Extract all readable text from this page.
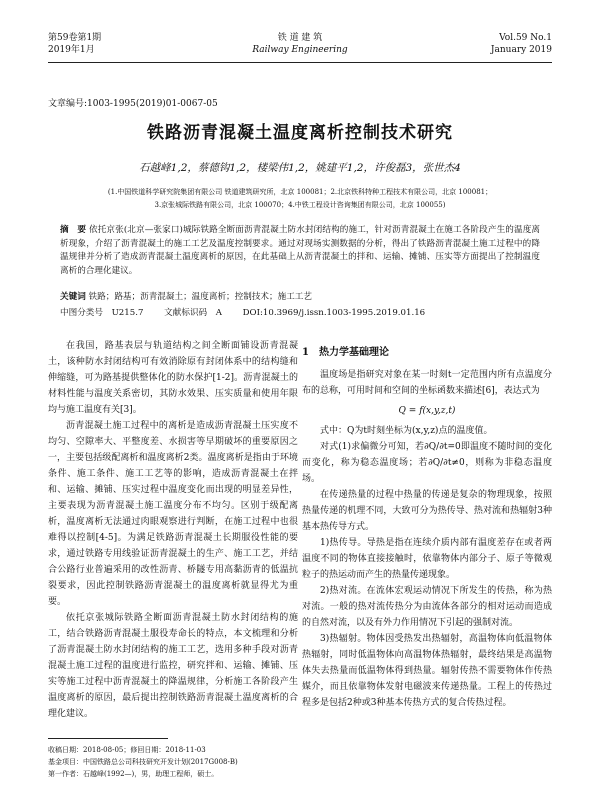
第59卷第1期
2019年1月
铁 道 建 筑
Railway Engineering
Vol.59 No.1
January 2019
文章编号:1003-1995(2019)01-0067-05
铁路沥青混凝土温度离析控制技术研究
石越峰1,2，蔡德钩1,2，楼梁伟1,2，姚建平1,2，许俊磊3，张世杰4
(1.中国铁道科学研究院集团有限公司 铁道建筑研究所，北京 100081；2.北京铁科特种工程技术有限公司，北京 100081；
3.京张城际铁路有限公司，北京 100070；4.中铁工程设计咨询集团有限公司，北京 100055)
摘　要 依托京张(北京—张家口)城际铁路全断面沥青混凝土防水封闭结构的施工，针对沥青混凝土在施工各阶段产生的温度离析现象，介绍了沥青混凝土的施工工艺及温度控制要求。通过对现场实测数据的分析，得出了铁路沥青混凝土施工过程中的降温规律并分析了造成沥青混凝土温度离析的原因，在此基础上从沥青混凝土的拌和、运输、摊铺、压实等方面提出了控制温度离析的合理化建议。
关键词 铁路；路基；沥青混凝土；温度离析；控制技术；施工工艺
中图分类号　U215.7 文献标识码　A DOI:10.3969/j.issn.1003-1995.2019.01.16

在我国，路基表层与轨道结构之间全断面铺设沥青混凝土，该种防水封闭结构可有效消除原有封闭体系中的结构缝和伸缩缝，可为路基提供整体化的防水保护[1-2]。沥青混凝土的材料性能与温度关系密切，其防水效果、压实质量和使用年限均与施工温度有关[3]。

沥青混凝土施工过程中的离析是造成沥青混凝土压实度不均匀、空隙率大、平整度差、水损害等早期破坏的重要原因之一，主要包括级配离析和温度离析2类。温度离析是指由于环境条件、施工条件、施工工艺等的影响，造成沥青混凝土在拌和、运输、摊铺、压实过程中温度变化而出现的明显差异性，主要表现为沥青混凝土施工温度分布不均匀。区别于级配离析，温度离析无法通过肉眼观察进行判断，在施工过程中也很难得以控制[4-5]。为满足铁路沥青混凝土长期服役性能的要求，通过铁路专用线验证沥青混凝土的生产、施工工艺，并结合公路行业普遍采用的改性沥青、桥隧专用高黏沥青的低温抗裂要求，因此控制铁路沥青混凝土的温度离析就显得尤为重要。

依托京张城际铁路全断面沥青混凝土防水封闭结构的施工，结合铁路沥青混凝土服役寿命长的特点，本文梳理和分析了沥青混凝土防水封闭结构的施工工艺，选用多种手段对沥青混凝土施工过程的温度进行监控，研究拌和、运输、摊铺、压实等施工过程中沥青混凝土的降温规律，分析施工各阶段产生温度离析的原因，最后提出控制铁路沥青混凝土温度离析的合理化建议。

1　热力学基础理论

温度场是指研究对象在某一时刻t一定范围内所有点温度分布的总称，可用时间和空间的坐标函数来描述[6]，表达式为

Q = f(x,y,z,t)

式中：Q为t时刻坐标为(x,y,z)点的温度值。

对式(1)求偏微分可知，若∂Q/∂t=0即温度不随时间的变化而变化，称为稳态温度场；若∂Q/∂t≠0，则称为非稳态温度场。

在传递热量的过程中热量的传递是复杂的物理现象，按照热量传递的机理不同，大致可分为热传导、热对流和热辐射3种基本热传导方式。

1)热传导。导热是指在连续介质内部有温度差存在或者两温度不同的物体直接接触时，依靠物体内部分子、原子等微观粒子的热运动而产生的热量传递现象。

2)热对流。在流体宏观运动情况下所发生的传热，称为热对流。一般的热对流传热分为由流体各部分的相对运动而造成的自然对流，以及有外力作用情况下引起的强制对流。

3)热辐射。物体因受热发出热辐射，高温物体向低温物体热辐射，同时低温物体向高温物体热辐射，最终结果是高温物体失去热量而低温物体得到热量。辐射传热不需要物体作传热媒介，而且依靠物体发射电磁波来传递热量。工程上的传热过程多是包括2种或3种基本传热方式的复合传热过程。

收稿日期：2018-08-05；修回日期：2018-11-03
基金项目：中国铁路总公司科技研究开发计划(2017G008-B)
第一作者：石越峰(1992—)，男，助理工程师，硕士。
